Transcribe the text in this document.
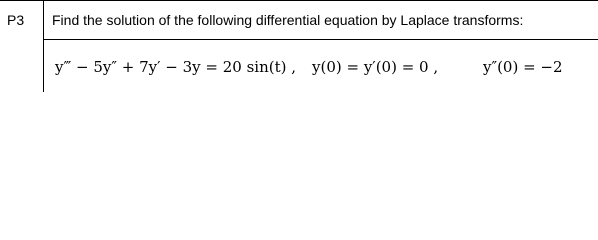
P3 Find the solution of the following differential equation by Laplace transforms:
y‴ − 5y″ + 7y′ − 3y = 20 sin(t) , y(0) = y′(0) = 0 ,	y″(0) = −2
